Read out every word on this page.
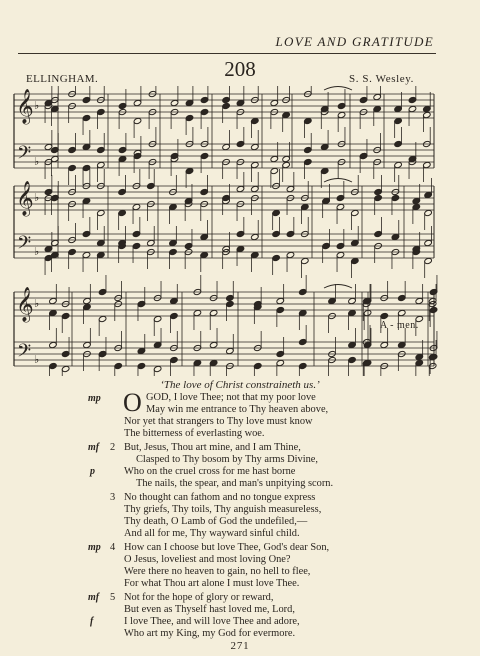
LOVE AND GRATITUDE
208
ELLINGHAM.	S. S. Wesley.
𝄞
𝄢
♭
♭
𝄞
𝄢
♭
♭
𝄞
𝄢
♭
♭
A - men.
‘The love of Christ constraineth us.’
mp O GOD, I love Thee; not that my poor love
May win me entrance to Thy heaven above,
Nor yet that strangers to Thy love must know
The bitterness of everlasting woe.
mf 2 But, Jesus, Thou art mine, and I am Thine,
Clasped to Thy bosom by Thy arms Divine,
p	Who on the cruel cross for me hast borne
The nails, the spear, and man's unpitying scorn.
3 No thought can fathom and no tongue express
Thy griefs, Thy toils, Thy anguish measureless,
Thy death, O Lamb of God the undefiled,—
And all for me, Thy wayward sinful child.
mp 4 How can I choose but love Thee, God's dear Son,
O Jesus, loveliest and most loving One?
Were there no heaven to gain, no hell to flee,
For what Thou art alone I must love Thee.
mf 5 Not for the hope of glory or reward,
But even as Thyself hast loved me, Lord,
f	I love Thee, and will love Thee and adore,
Who art my King, my God for evermore.
271
